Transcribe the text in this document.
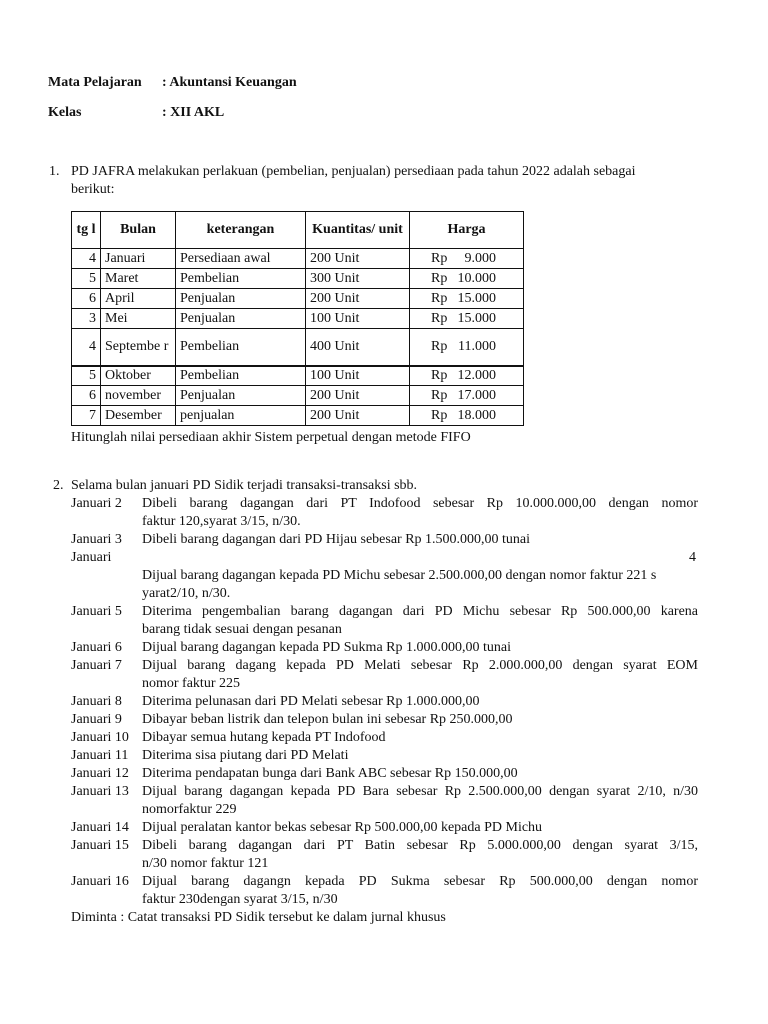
Mata Pelajaran : Akuntansi Keuangan
Kelas	: XII AKL
1. PD JAFRA melakukan perlakuan (pembelian, penjualan) persediaan pada tahun 2022 adalah sebagai
berikut:
tg l	Bulan	keterangan	Kuantitas/ unit	Harga
4	Januari	Persediaan awal	200 Unit	Rp 9.000

5	Maret	Pembelian	300 Unit	Rp 10.000

6	April	Penjualan	200 Unit	Rp 15.000

3	Mei	Penjualan	100 Unit	Rp 15.000

4	Septembe r	Pembelian	400 Unit	Rp 11.000

5	Oktober	Pembelian	100 Unit	Rp 12.000

6	november	Penjualan	200 Unit	Rp 17.000

7	Desember	penjualan	200 Unit	Rp 18.000
Hitunglah nilai persediaan akhir Sistem perpetual dengan metode FIFO
2. Selama bulan januari PD Sidik terjadi transaksi-transaksi sbb.
Januari 2 Dibeli barang dagangan dari PT Indofood sebesar Rp 10.000.000,00 dengan nomor
faktur 120,syarat 3/15, n/30.
Januari 3 Dibeli barang dagangan dari PD Hijau sebesar Rp 1.500.000,00 tunai
Januari	4
Dijual barang dagangan kepada PD Michu sebesar 2.500.000,00 dengan nomor faktur 221 s
yarat2/10, n/30.
Januari 5 Diterima pengembalian barang dagangan dari PD Michu sebesar Rp 500.000,00 karena
barang tidak sesuai dengan pesanan
Januari 6 Dijual barang dagangan kepada PD Sukma Rp 1.000.000,00 tunai
Januari 7 Dijual barang dagang kepada PD Melati sebesar Rp 2.000.000,00 dengan syarat EOM
nomor faktur 225
Januari 8 Diterima pelunasan dari PD Melati sebesar Rp 1.000.000,00
Januari 9 Dibayar beban listrik dan telepon bulan ini sebesar Rp 250.000,00
Januari 10 Dibayar semua hutang kepada PT Indofood
Januari 11 Diterima sisa piutang dari PD Melati
Januari 12 Diterima pendapatan bunga dari Bank ABC sebesar Rp 150.000,00
Januari 13 Dijual barang dagangan kepada PD Bara sebesar Rp 2.500.000,00 dengan syarat 2/10, n/30
nomorfaktur 229
Januari 14 Dijual peralatan kantor bekas sebesar Rp 500.000,00 kepada PD Michu
Januari 15 Dibeli barang dagangan dari PT Batin sebesar Rp 5.000.000,00 dengan syarat 3/15,
n/30 nomor faktur 121
Januari 16 Dijual barang dagangn kepada PD Sukma sebesar Rp 500.000,00 dengan nomor
faktur 230dengan syarat 3/15, n/30
Diminta : Catat transaksi PD Sidik tersebut ke dalam jurnal khusus
